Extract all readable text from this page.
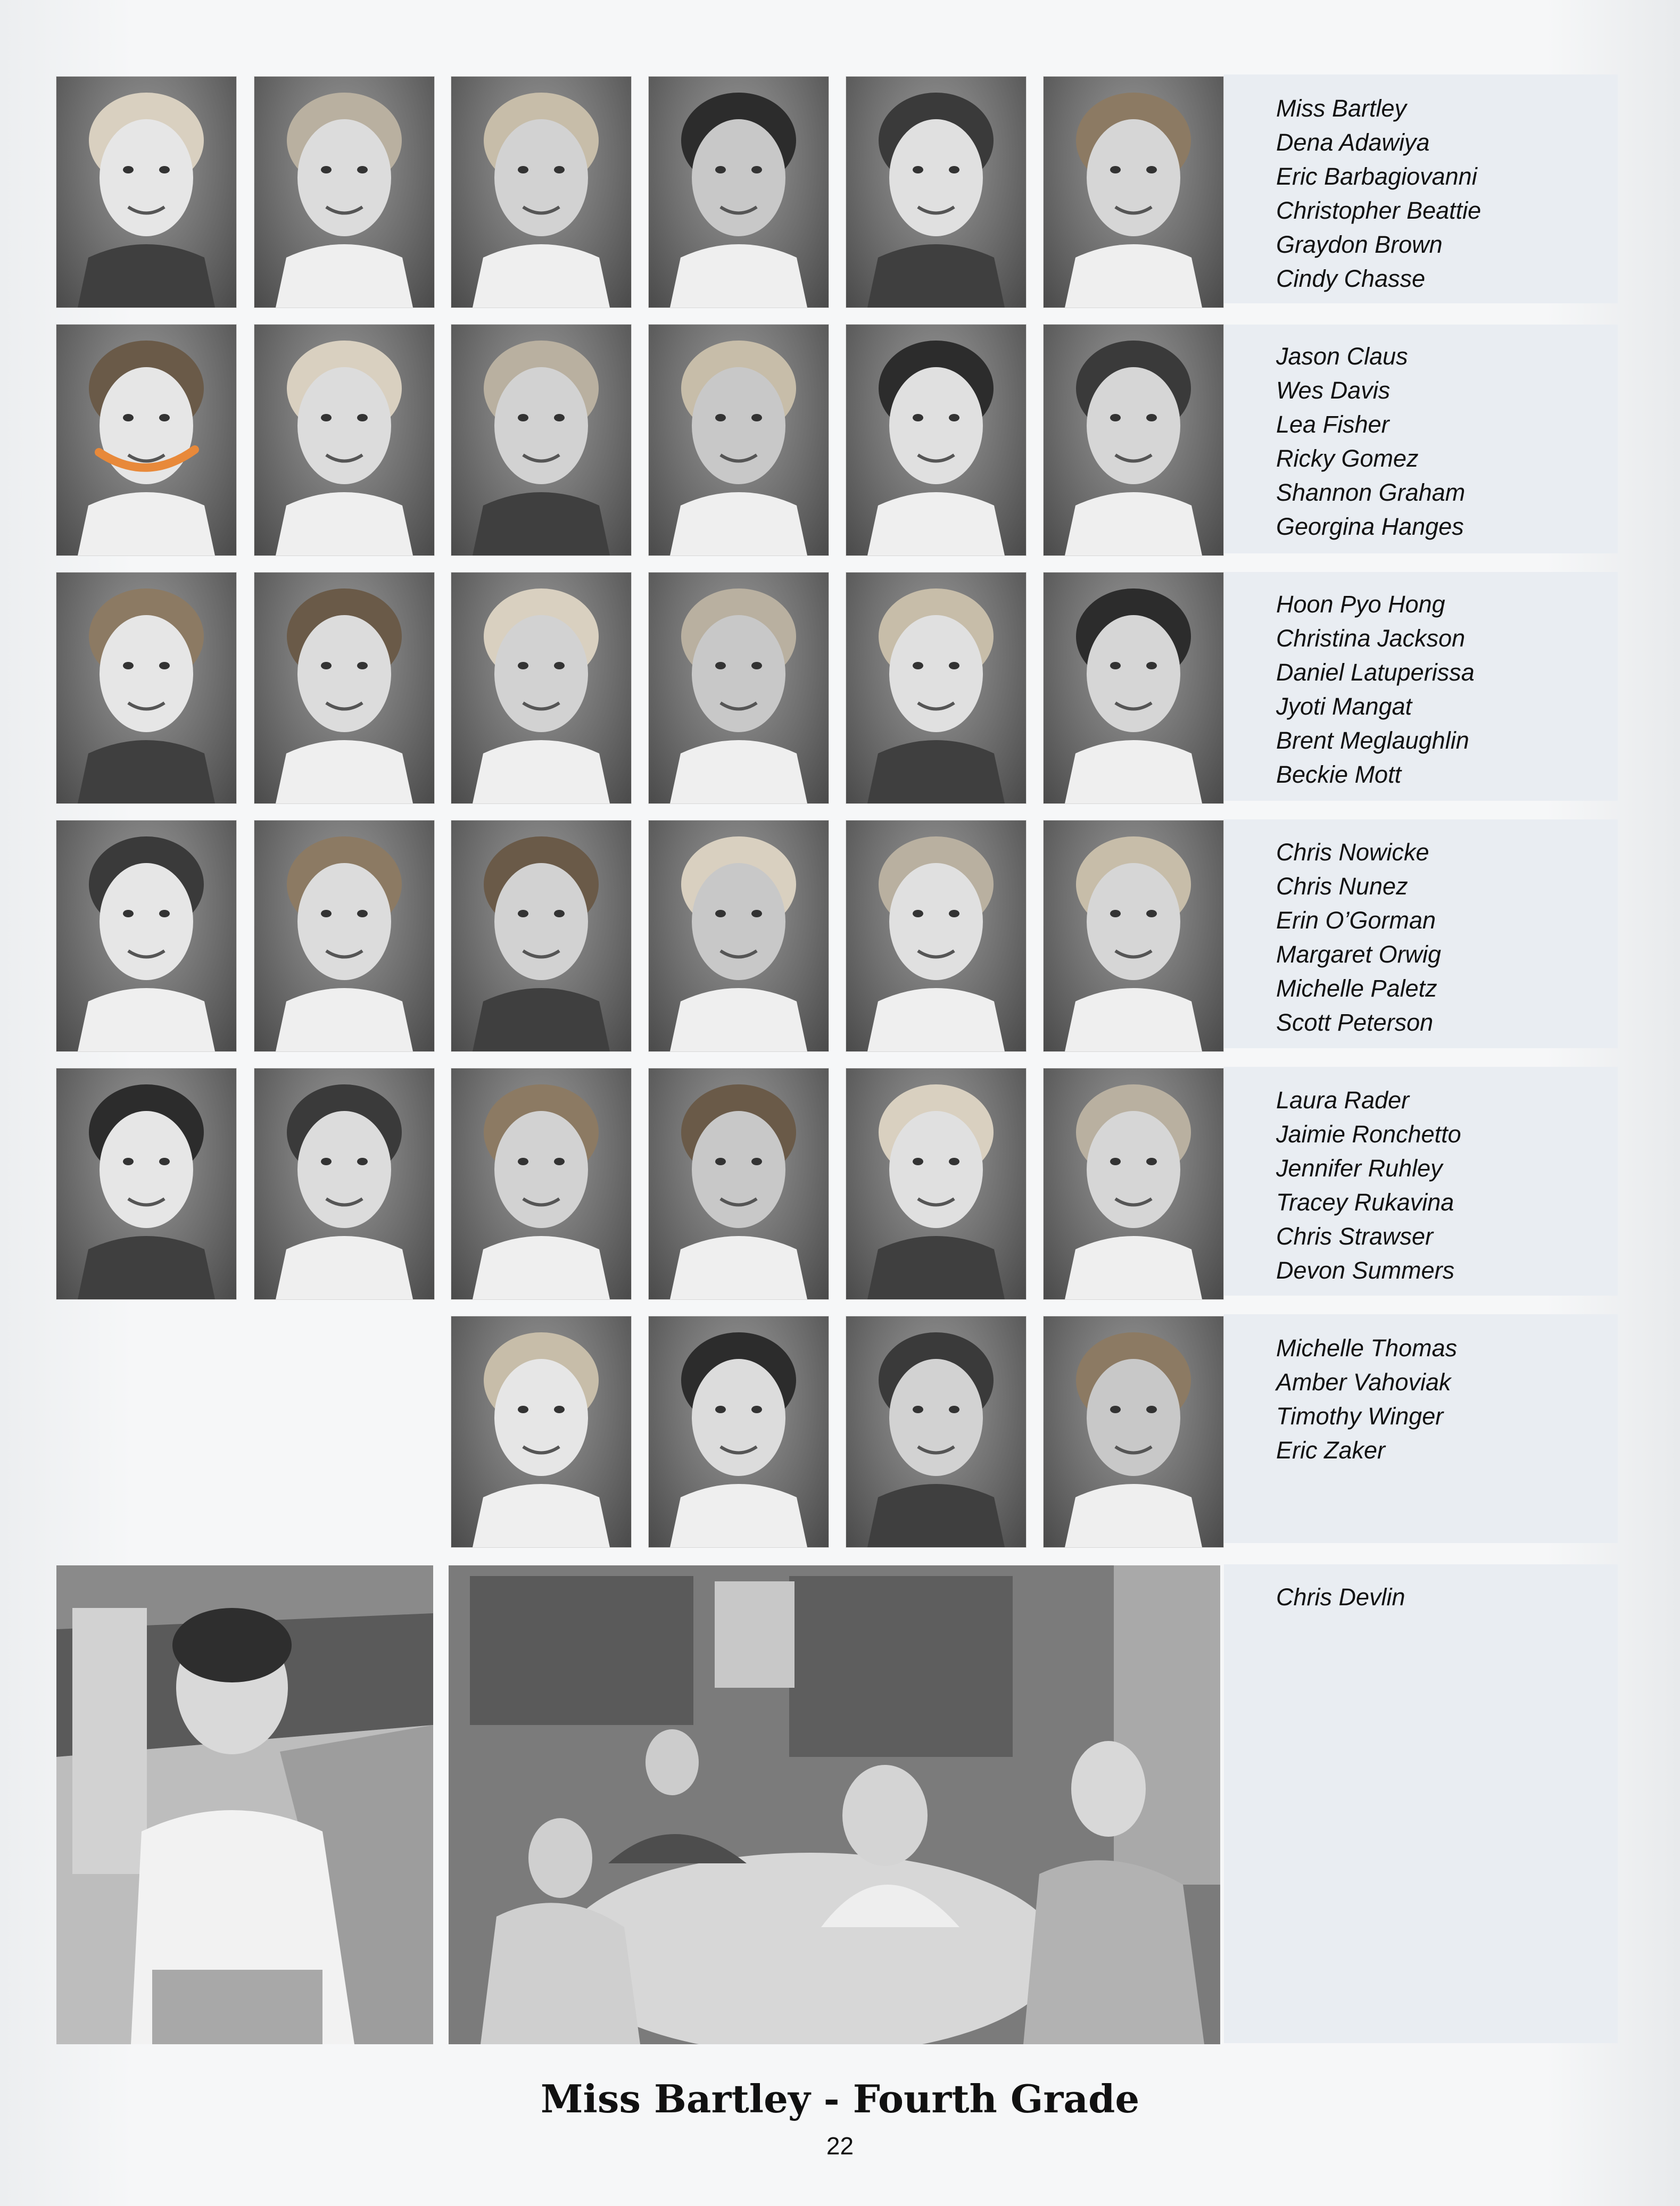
Miss Bartley
Dena Adawiya
Eric Barbagiovanni
Christopher Beattie
Graydon Brown
Cindy Chasse
Jason Claus
Wes Davis
Lea Fisher
Ricky Gomez
Shannon Graham
Georgina Hanges
Hoon Pyo Hong
Christina Jackson
Daniel Latuperissa
Jyoti Mangat
Brent Meglaughlin
Beckie Mott
Chris Nowicke
Chris Nunez
Erin O’Gorman
Margaret Orwig
Michelle Paletz
Scott Peterson
Laura Rader
Jaimie Ronchetto
Jennifer Ruhley
Tracey Rukavina
Chris Strawser
Devon Summers
Michelle Thomas
Amber Vahoviak
Timothy Winger
Eric Zaker
Chris Devlin
Miss Bartley - Fourth Grade
22
